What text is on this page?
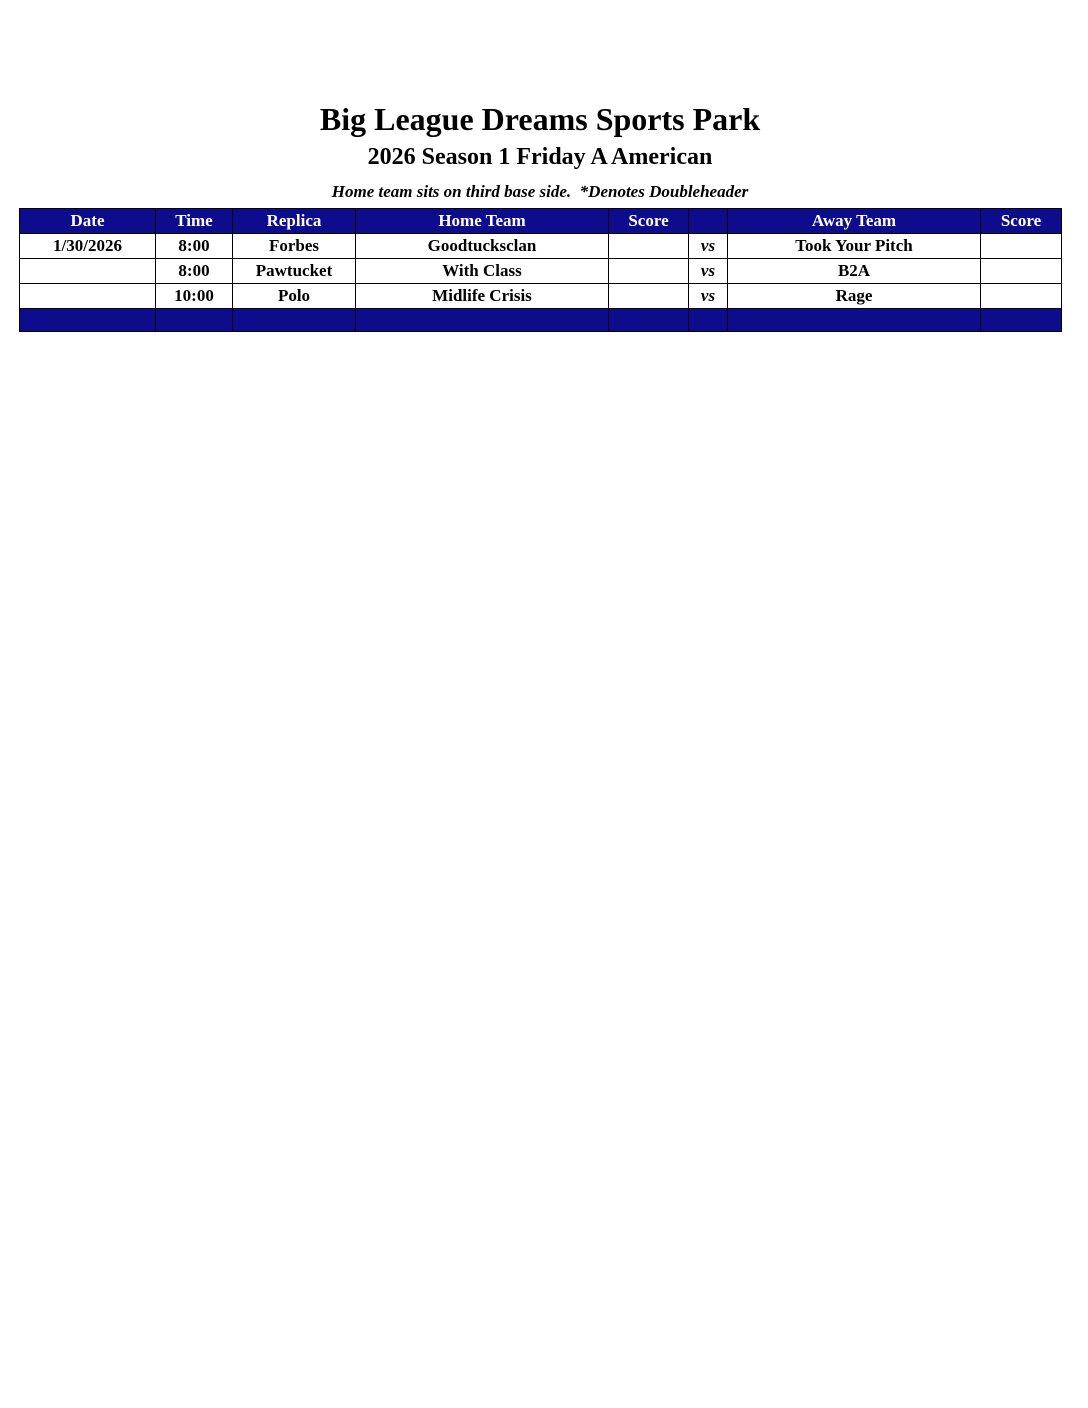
Big League Dreams Sports Park
2026 Season 1 Friday A American
Home team sits on third base side.  *Denotes Doubleheader
Date	Time	Replica	Home Team	Score		Away Team	Score
1/30/2026	8:00	Forbes	Goodtucksclan		vs	Took Your Pitch	
	8:00	Pawtucket	With Class		vs	B2A	
	10:00	Polo	Midlife Crisis		vs	Rage	
